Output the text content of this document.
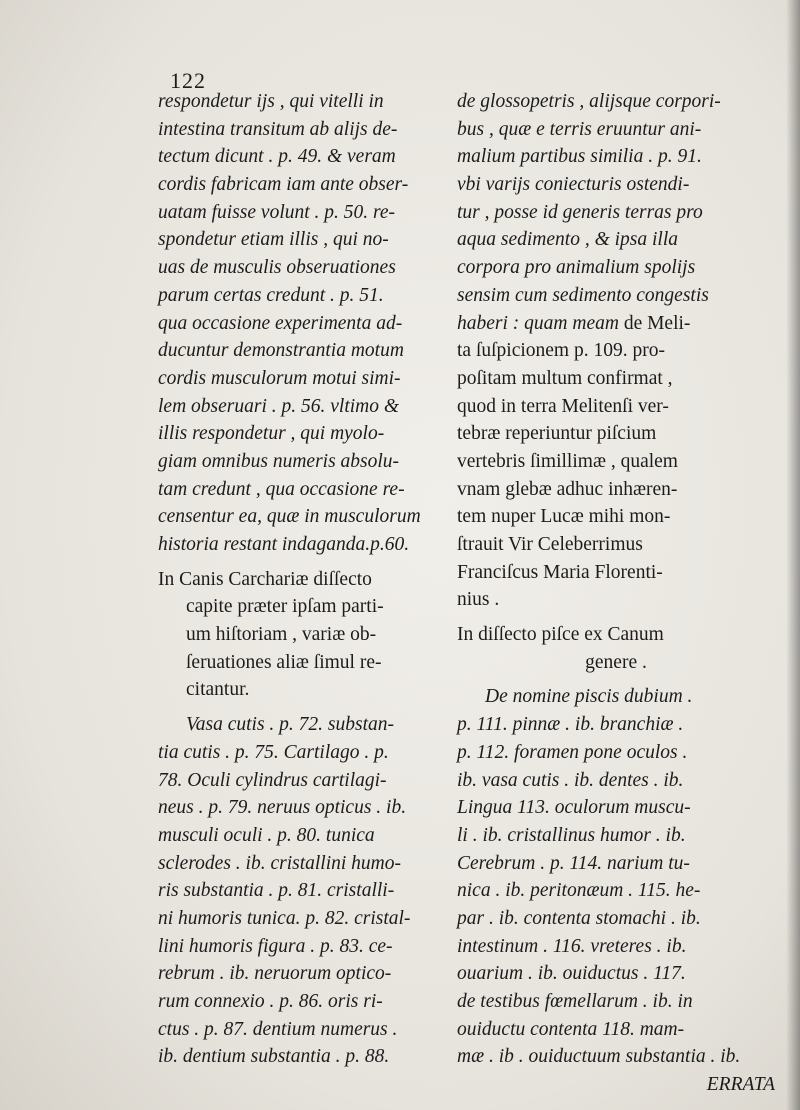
122
respondetur ijs , qui vitelli in
intestina transitum ab alijs de-
tectum dicunt . p. 49. & veram
cordis fabricam iam ante obser-
uatam fuisse volunt . p. 50. re-
spondetur etiam illis , qui no-
uas de musculis obseruationes
parum certas credunt . p. 51.
qua occasione experimenta ad-
ducuntur demonstrantia motum
cordis musculorum motui simi-
lem obseruari . p. 56. vltimo &
illis respondetur , qui myolo-
giam omnibus numeris absolu-
tam credunt , qua occasione re-
censentur ea, quæ in musculorum
historia restant indaganda.p.60.
In Canis Carchariæ diſſecto
capite præter ipſam parti-
um hiſtoriam , variæ ob-
ſeruationes aliæ ſimul re-
citantur.
Vasa cutis . p. 72. substan-
tia cutis . p. 75. Cartilago . p.
78. Oculi cylindrus cartilagi-
neus . p. 79. neruus opticus . ib.
musculi oculi . p. 80. tunica
sclerodes . ib. cristallini humo-
ris substantia . p. 81. cristalli-
ni humoris tunica. p. 82. cristal-
lini humoris figura . p. 83. ce-
rebrum . ib. neruorum optico-
rum connexio . p. 86. oris ri-
ctus . p. 87. dentium numerus .
ib. dentium substantia . p. 88.
de glossopetris , alijsque corpori-
bus , quæ e terris eruuntur ani-
malium partibus similia . p. 91.
vbi varijs coniecturis ostendi-
tur , posse id generis terras pro
aqua sedimento , & ipsa illa
corpora pro animalium spolijs
sensim cum sedimento congestis
haberi : quam meam de Meli-
ta ſuſpicionem p. 109. pro-
poſitam multum confirmat ,
quod in terra Melitenſi ver-
tebræ reperiuntur piſcium
vertebris ſimillimæ , qualem
vnam glebæ adhuc inhæren-
tem nuper Lucæ mihi mon-
ſtrauit Vir Celeberrimus
Franciſcus Maria Florenti-
nius .
In diſſecto piſce ex Canum
genere .
De nomine piscis dubium .
p. 111. pinnæ . ib. branchiæ .
p. 112. foramen pone oculos .
ib. vasa cutis . ib. dentes . ib.
Lingua 113. oculorum muscu-
li . ib. cristallinus humor . ib.
Cerebrum . p. 114. narium tu-
nica . ib. peritonæum . 115. he-
par . ib. contenta stomachi . ib.
intestinum . 116. vreteres . ib.
ouarium . ib. ouiductus . 117.
de testibus fœmellarum . ib. in
ouiductu contenta 118. mam-
mæ . ib . ouiductuum substantia . ib.
ERRATA
